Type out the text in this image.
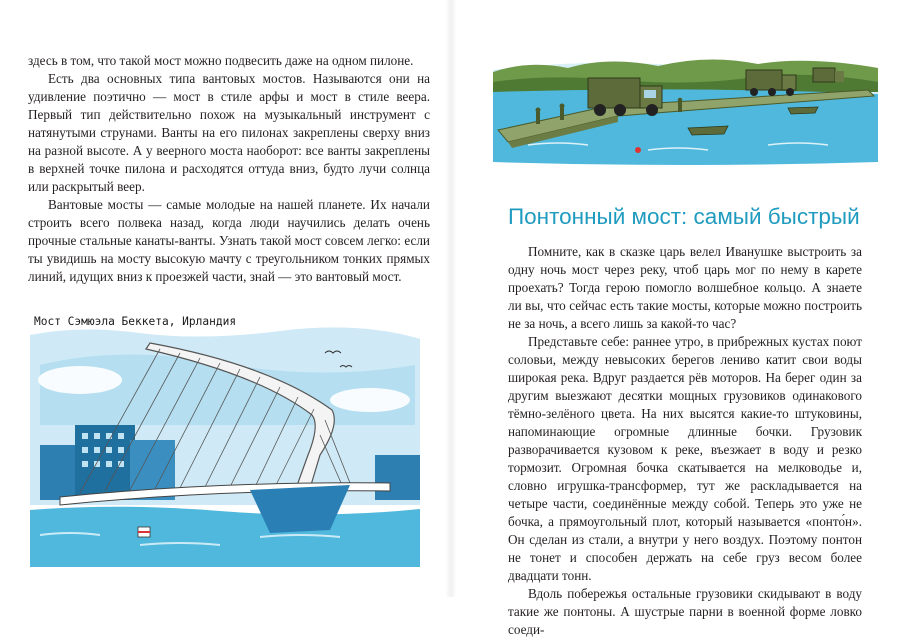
здесь в том, что такой мост можно подвесить даже на одном пилоне.

Есть два основных типа вантовых мостов. Называются они на удивление поэтично — мост в стиле арфы и мост в стиле веера. Первый тип действительно похож на музыкальный инструмент с натянутыми струнами. Ванты на его пилонах закреплены сверху вниз на разной высоте. А у веерного моста наоборот: все ванты закреплены в верхней точке пилона и расходятся оттуда вниз, будто лучи солнца или раскрытый веер.

Вантовые мосты — самые молодые на нашей планете. Их начали строить всего полвека назад, когда люди научились делать очень прочные стальные канаты-ванты. Узнать такой мост совсем легко: если ты увидишь на мосту высокую мачту с треугольником тонких прямых линий, идущих вниз к проезжей части, знай — это вантовый мост.

Мост Сэмюэла Беккета, Ирландия
Понтонный мост: самый быстрый

Помните, как в сказке царь велел Иванушке выстроить за одну ночь мост через реку, чтоб царь мог по нему в карете проехать? Тогда герою помогло волшебное кольцо. А знаете ли вы, что сейчас есть такие мосты, которые можно построить не за ночь, а всего лишь за какой-то час?

Представьте себе: раннее утро, в прибрежных кустах поют соловьи, между невысоких берегов лениво катит свои воды широкая река. Вдруг раздается рёв моторов. На берег один за другим выезжают десятки мощных грузовиков одинакового тёмно-зелёного цвета. На них высятся какие-то штуковины, напоминающие огромные длинные бочки. Грузовик разворачивается кузовом к реке, въезжает в воду и резко тормозит. Огромная бочка скатывается на мелководье и, словно игрушка-трансформер, тут же раскладывается на четыре части, соединённые между собой. Теперь это уже не бочка, а прямоугольный плот, который называется «понто́н». Он сделан из стали, а внутри у него воздух. Поэтому понтон не тонет и способен держать на себе груз весом более двадцати тонн.

Вдоль побережья остальные грузовики скидывают в воду такие же понтоны. А шустрые парни в военной форме ловко соеди-
